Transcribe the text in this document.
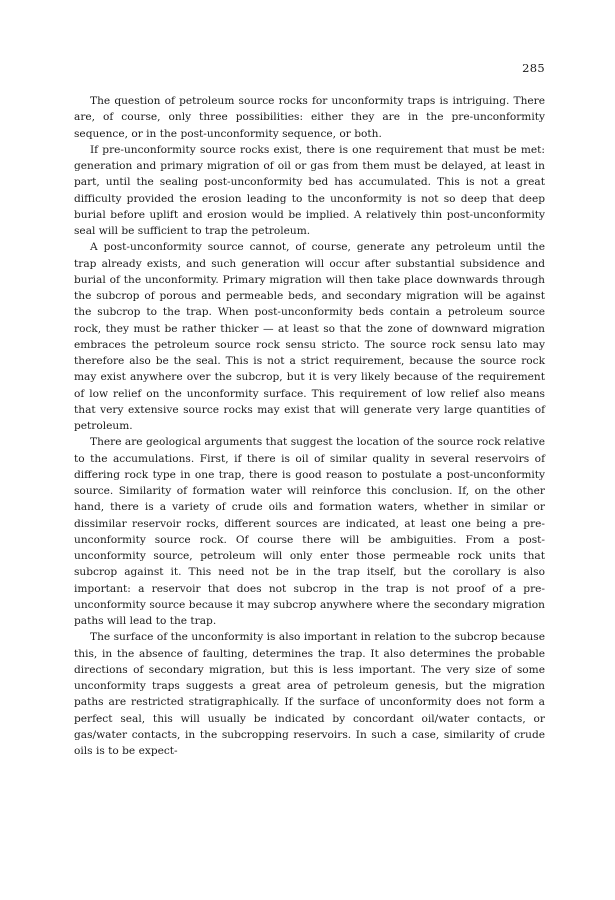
285

The question of petroleum source rocks for unconformity traps is intriguing. There are, of course, only three possibilities: either they are in the pre-unconformity sequence, or in the post-unconformity sequence, or both.

If pre-unconformity source rocks exist, there is one requirement that must be met: generation and primary migration of oil or gas from them must be delayed, at least in part, until the sealing post-unconformity bed has accumulated. This is not a great difficulty provided the erosion leading to the unconformity is not so deep that deep burial before uplift and erosion would be implied. A relatively thin post-unconformity seal will be sufficient to trap the petroleum.

A post-unconformity source cannot, of course, generate any petroleum until the trap already exists, and such generation will occur after substantial subsidence and burial of the unconformity. Primary migration will then take place downwards through the subcrop of porous and permeable beds, and secondary migration will be against the subcrop to the trap. When post-unconformity beds contain a petroleum source rock, they must be rather thicker — at least so that the zone of downward migration embraces the petroleum source rock sensu stricto. The source rock sensu lato may therefore also be the seal. This is not a strict requirement, because the source rock may exist anywhere over the subcrop, but it is very likely because of the requirement of low relief on the unconformity surface. This requirement of low relief also means that very extensive source rocks may exist that will generate very large quantities of petroleum.

There are geological arguments that suggest the location of the source rock relative to the accumulations. First, if there is oil of similar quality in several reservoirs of differing rock type in one trap, there is good reason to postulate a post-unconformity source. Similarity of formation water will reinforce this conclusion. If, on the other hand, there is a variety of crude oils and formation waters, whether in similar or dissimilar reservoir rocks, different sources are indicated, at least one being a pre-unconformity source rock. Of course there will be ambiguities. From a post-unconformity source, petroleum will only enter those permeable rock units that subcrop against it. This need not be in the trap itself, but the corollary is also important: a reservoir that does not subcrop in the trap is not proof of a pre-unconformity source because it may subcrop anywhere where the secondary migration paths will lead to the trap.

The surface of the unconformity is also important in relation to the subcrop because this, in the absence of faulting, determines the trap. It also determines the probable directions of secondary migration, but this is less important. The very size of some unconformity traps suggests a great area of petroleum genesis, but the migration paths are restricted stratigraphically. If the surface of unconformity does not form a perfect seal, this will usually be indicated by concordant oil/water contacts, or gas/water contacts, in the subcropping reservoirs. In such a case, similarity of crude oils is to be expect-
